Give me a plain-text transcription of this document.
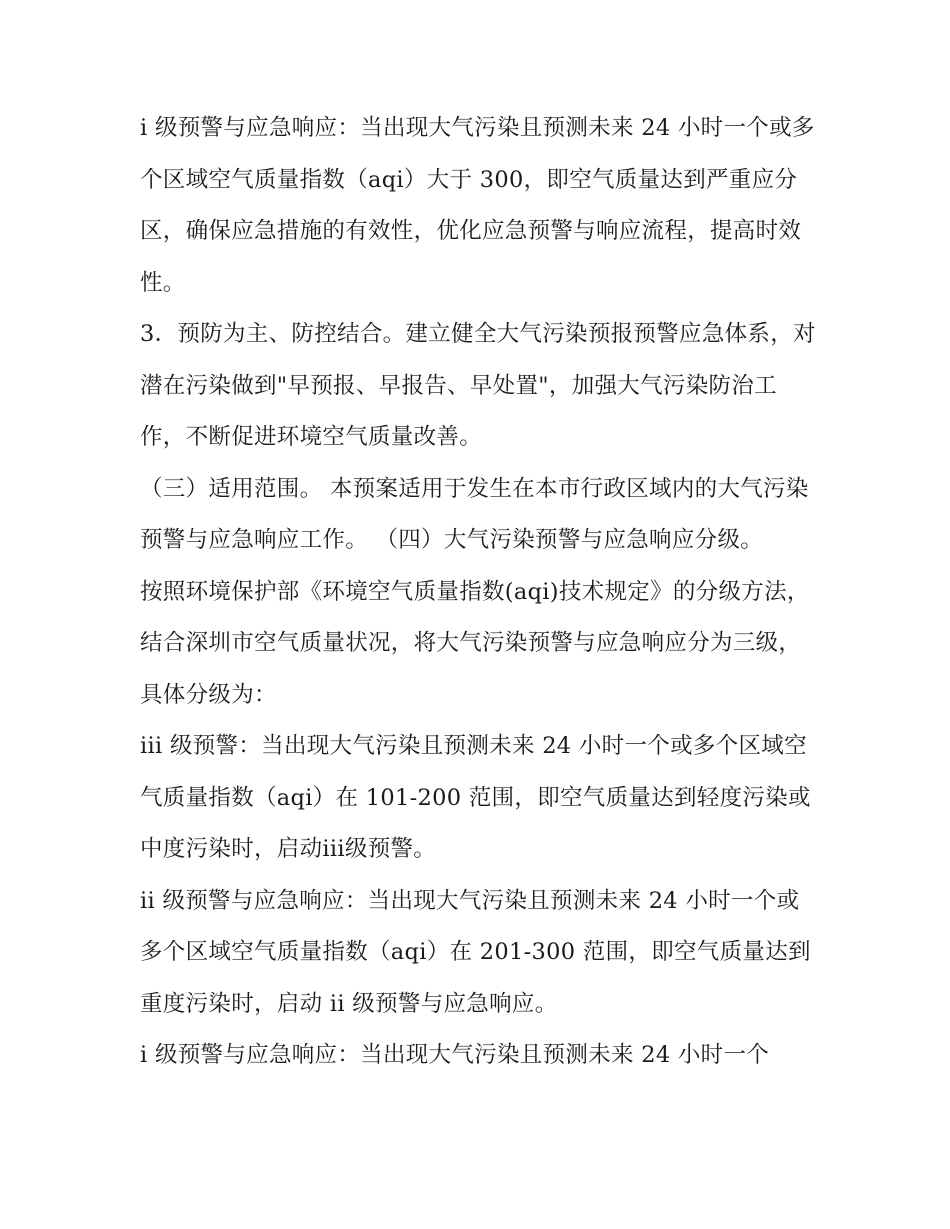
i 级预警与应急响应：当出现大气污染且预测未来 24 小时一个或多个区域空气质量指数（aqi）大于 300，即空气质量达到严重应分区，确保应急措施的有效性，优化应急预警与响应流程，提高时效性。

3．预防为主、防控结合。建立健全大气污染预报预警应急体系，对潜在污染做到"早预报、早报告、早处置"，加强大气污染防治工作，不断促进环境空气质量改善。

（三）适用范围。 本预案适用于发生在本市行政区域内的大气污染预警与应急响应工作。 （四）大气污染预警与应急响应分级。

按照环境保护部《环境空气质量指数(aqi)技术规定》的分级方法，结合深圳市空气质量状况，将大气污染预警与应急响应分为三级，具体分级为：

iii 级预警：当出现大气污染且预测未来 24 小时一个或多个区域空气质量指数（aqi）在 101-200 范围，即空气质量达到轻度污染或中度污染时，启动iii级预警。

ii 级预警与应急响应：当出现大气污染且预测未来 24 小时一个或多个区域空气质量指数（aqi）在 201-300 范围，即空气质量达到重度污染时，启动 ii 级预警与应急响应。

i 级预警与应急响应：当出现大气污染且预测未来 24 小时一个
